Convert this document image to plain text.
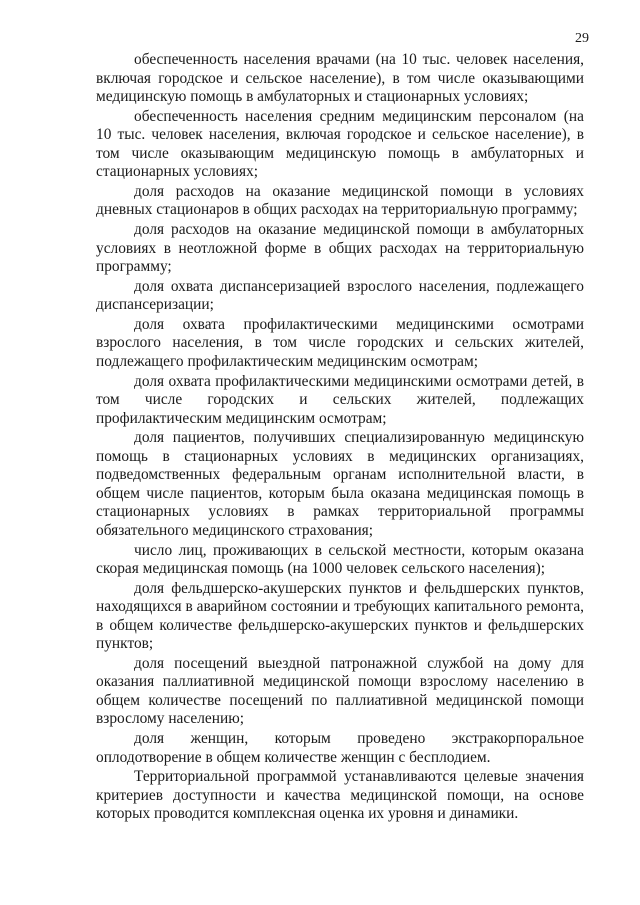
29

обеспеченность населения врачами (на 10 тыс. человек населения, включая городское и сельское население), в том числе оказывающими медицинскую помощь в амбулаторных и стационарных условиях;

обеспеченность населения средним медицинским персоналом (на 10 тыс. человек населения, включая городское и сельское население), в том числе оказывающим медицинскую помощь в амбулаторных и стационарных условиях;

доля расходов на оказание медицинской помощи в условиях дневных стационаров в общих расходах на территориальную программу;

доля расходов на оказание медицинской помощи в амбулаторных условиях в неотложной форме в общих расходах на территориальную программу;

доля охвата диспансеризацией взрослого населения, подлежащего диспансеризации;

доля охвата профилактическими медицинскими осмотрами взрослого населения, в том числе городских и сельских жителей, подлежащего профилактическим медицинским осмотрам;

доля охвата профилактическими медицинскими осмотрами детей, в том числе городских и сельских жителей, подлежащих профилактическим медицинским осмотрам;

доля пациентов, получивших специализированную медицинскую помощь в стационарных условиях в медицинских организациях, подведомственных федеральным органам исполнительной власти, в общем числе пациентов, которым была оказана медицинская помощь в стационарных условиях в рамках территориальной программы обязательного медицинского страхования;

число лиц, проживающих в сельской местности, которым оказана скорая медицинская помощь (на 1000 человек сельского населения);

доля фельдшерско-акушерских пунктов и фельдшерских пунктов, находящихся в аварийном состоянии и требующих капитального ремонта, в общем количестве фельдшерско-акушерских пунктов и фельдшерских пунктов;

доля посещений выездной патронажной службой на дому для оказания паллиативной медицинской помощи взрослому населению в общем количестве посещений по паллиативной медицинской помощи взрослому населению;

доля женщин, которым проведено экстракорпоральное оплодотворение в общем количестве женщин с бесплодием.

Территориальной программой устанавливаются целевые значения критериев доступности и качества медицинской помощи, на основе которых проводится комплексная оценка их уровня и динамики.
